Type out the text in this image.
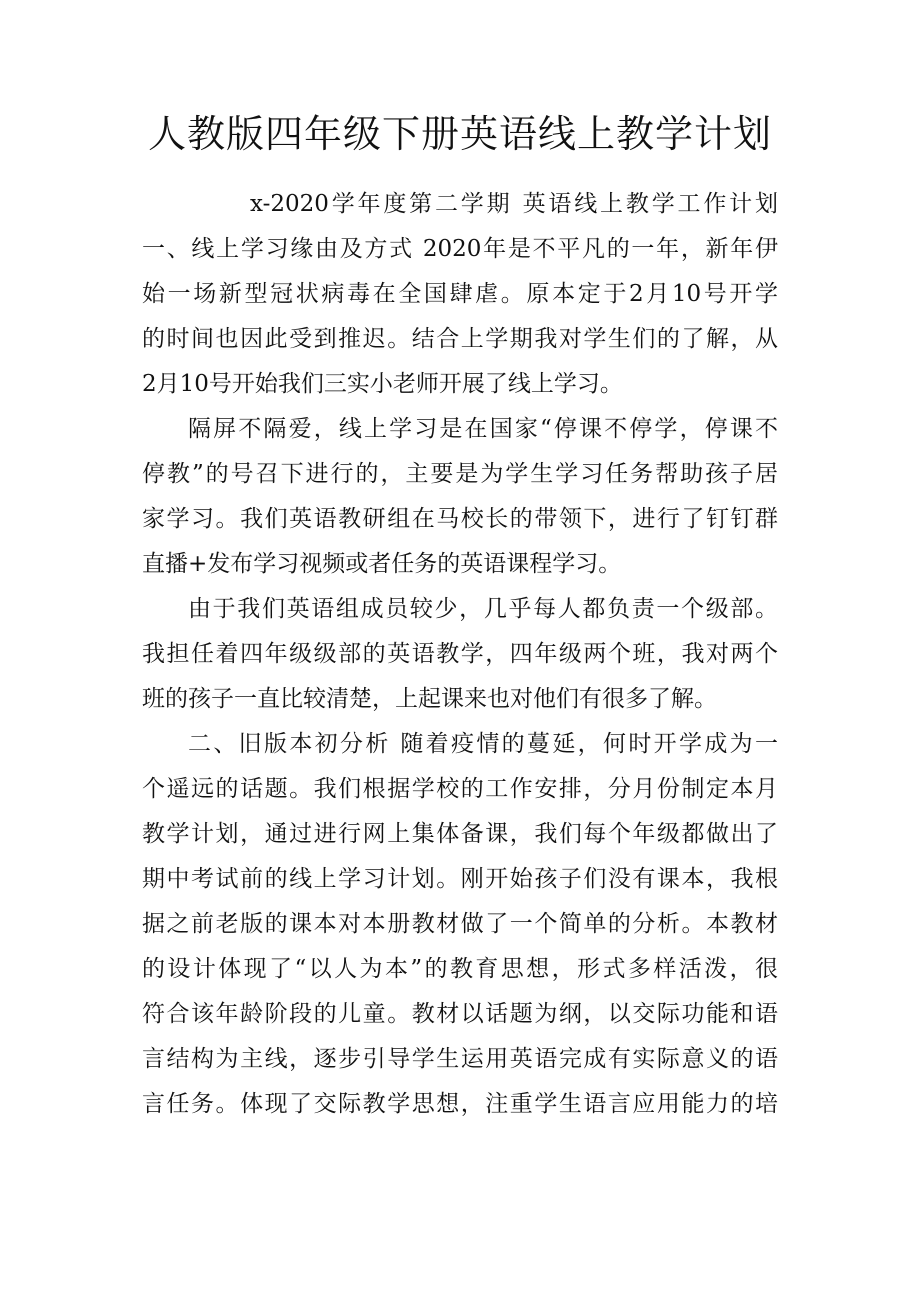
人教版四年级下册英语线上教学计划
x-2020学年度第二学期 英语线上教学工作计划
一、线上学习缘由及方式 2020年是不平凡的一年，新年伊
始一场新型冠状病毒在全国肆虐。原本定于2月10号开学
的时间也因此受到推迟。结合上学期我对学生们的了解，从
2月10号开始我们三实小老师开展了线上学习。
隔屏不隔爱，线上学习是在国家“停课不停学，停课不
停教”的号召下进行的，主要是为学生学习任务帮助孩子居
家学习。我们英语教研组在马校长的带领下，进行了钉钉群
直播+发布学习视频或者任务的英语课程学习。
由于我们英语组成员较少，几乎每人都负责一个级部。
我担任着四年级级部的英语教学，四年级两个班，我对两个
班的孩子一直比较清楚，上起课来也对他们有很多了解。
二、旧版本初分析 随着疫情的蔓延，何时开学成为一
个遥远的话题。我们根据学校的工作安排，分月份制定本月
教学计划，通过进行网上集体备课，我们每个年级都做出了
期中考试前的线上学习计划。刚开始孩子们没有课本，我根
据之前老版的课本对本册教材做了一个简单的分析。本教材
的设计体现了“以人为本”的教育思想，形式多样活泼，很
符合该年龄阶段的儿童。教材以话题为纲，以交际功能和语
言结构为主线，逐步引导学生运用英语完成有实际意义的语
言任务。体现了交际教学思想，注重学生语言应用能力的培
